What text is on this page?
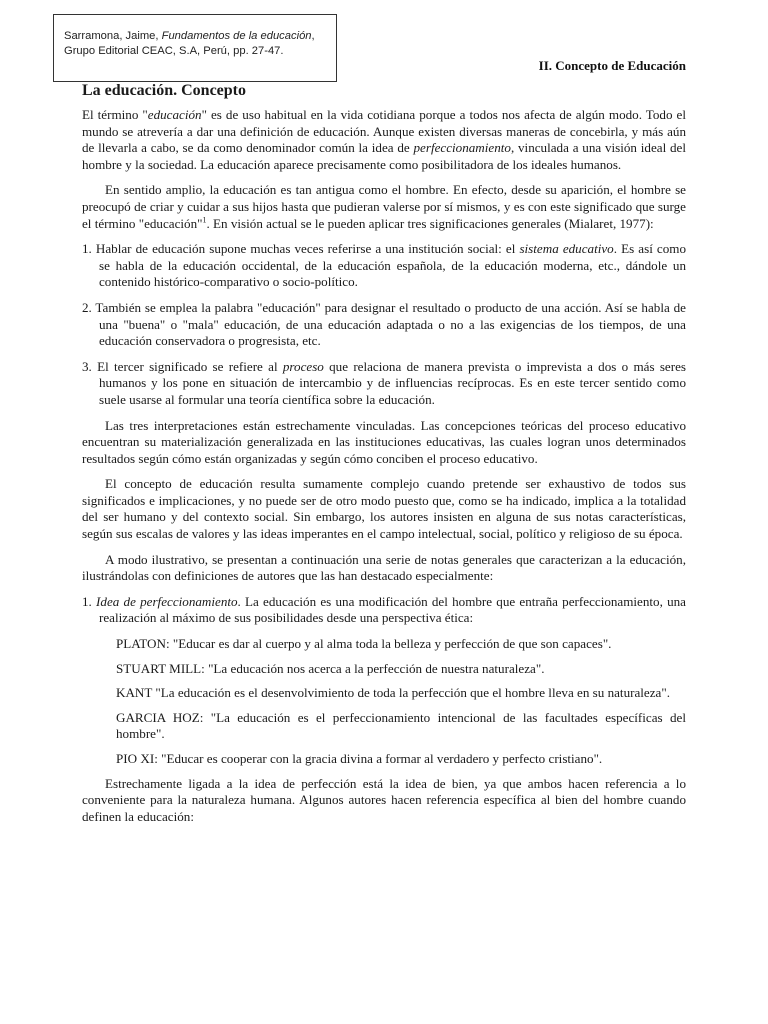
Sarramona, Jaime, Fundamentos de la educación,
Grupo Editorial CEAC, S.A, Perú, pp. 27-47.
II. Concepto de Educación
La educación. Concepto

El término "educación" es de uso habitual en la vida cotidiana porque a todos nos afecta de algún modo. Todo el mundo se atrevería a dar una definición de educación. Aunque existen diversas maneras de concebirla, y más aún de llevarla a cabo, se da como denominador común la idea de perfeccionamiento, vinculada a una visión ideal del hombre y la sociedad. La educación aparece precisamente como posibilitadora de los ideales humanos.

En sentido amplio, la educación es tan antigua como el hombre. En efecto, desde su aparición, el hombre se preocupó de criar y cuidar a sus hijos hasta que pudieran valerse por sí mismos, y es con este significado que surge el término "educación"$^1$. En visión actual se le pueden aplicar tres significaciones generales (Mialaret, 1977):

1. Hablar de educación supone muchas veces referirse a una institución social: el sistema educativo. Es así como se habla de la educación occidental, de la educación española, de la educación moderna, etc., dándole un contenido histórico-comparativo o socio-político.

2. También se emplea la palabra "educación" para designar el resultado o producto de una acción. Así se habla de una "buena" o "mala" educación, de una educación adaptada o no a las exigencias de los tiempos, de una educación conservadora o progresista, etc.

3. El tercer significado se refiere al proceso que relaciona de manera prevista o imprevista a dos o más seres humanos y los pone en situación de intercambio y de influencias recíprocas. Es en este tercer sentido como suele usarse al formular una teoría científica sobre la educación.

Las tres interpretaciones están estrechamente vinculadas. Las concepciones teóricas del proceso educativo encuentran su materialización generalizada en las instituciones educativas, las cuales logran unos determinados resultados según cómo están organizadas y según cómo conciben el proceso educativo.

El concepto de educación resulta sumamente complejo cuando pretende ser exhaustivo de todos sus significados e implicaciones, y no puede ser de otro modo puesto que, como se ha indicado, implica a la totalidad del ser humano y del contexto social. Sin embargo, los autores insisten en alguna de sus notas características, según sus escalas de valores y las ideas imperantes en el campo intelectual, social, político y religioso de su época.

A modo ilustrativo, se presentan a continuación una serie de notas generales que caracterizan a la educación, ilustrándolas con definiciones de autores que las han destacado especialmente:

1. Idea de perfeccionamiento. La educación es una modificación del hombre que entraña perfeccionamiento, una realización al máximo de sus posibilidades desde una perspectiva ética:

PLATON: "Educar es dar al cuerpo y al alma toda la belleza y perfección de que son capaces".

STUART MILL: "La educación nos acerca a la perfección de nuestra naturaleza".

KANT "La educación es el desenvolvimiento de toda la perfección que el hombre lleva en su naturaleza".

GARCIA HOZ: "La educación es el perfeccionamiento intencional de las facultades específicas del hombre".

PIO XI: "Educar es cooperar con la gracia divina a formar al verdadero y perfecto cristiano".

Estrechamente ligada a la idea de perfección está la idea de bien, ya que ambos hacen referencia a lo conveniente para la naturaleza humana. Algunos autores hacen referencia específica al bien del hombre cuando definen la educación:
